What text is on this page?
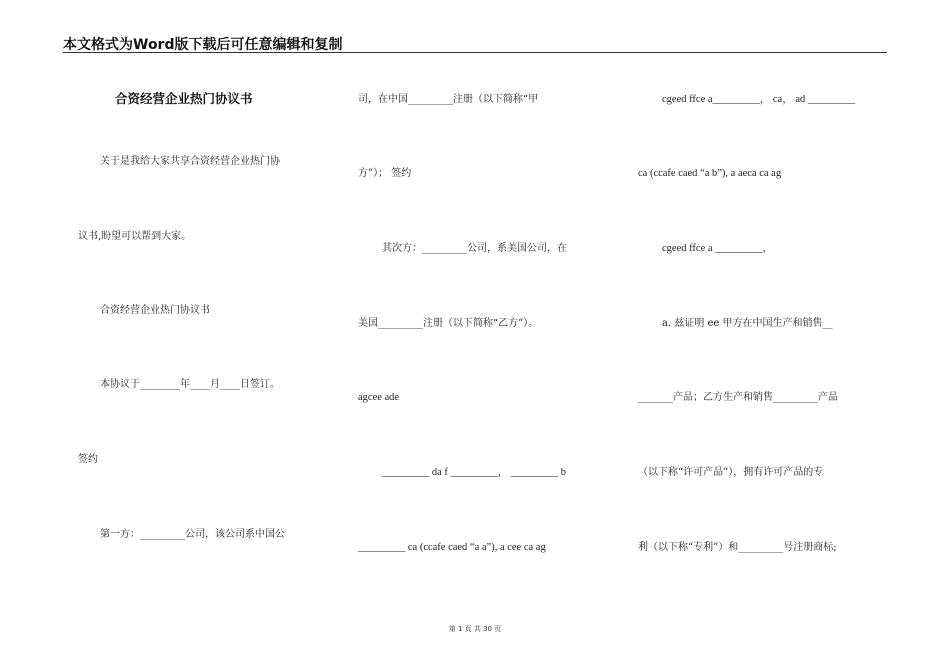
本文格式为Word版下载后可任意编辑和复制
合资经营企业热门协议书
关于是我给大家共享合资经营企业热门协
议书,盼望可以帮到大家。
合资经营企业热门协议书
本协议于________年____月____日签订。
签约
第一方：_________公司，该公司系中国公
司，在中国_________注册（以下简称“甲
方”）； 签约
其次方：_________公司，系美国公司，在
美国_________注册（以下简称“乙方”）。
agcee ade
_________ da f _________， _________ b
_________ ca (ccafe caed “a a”), a cee ca ag
cgeed ffce a_________， ca， ad _________
ca (ccafe caed “a b”), a aeca ca ag
cgeed ffce a _________，
a. 兹证明 ee 甲方在中国生产和销售__
_______产品；乙方生产和销售_________产品
（以下称“许可产品”），拥有许可产品的专
利（以下称“专利”）和_________号注册商标;
第 1 页 共 30 页
